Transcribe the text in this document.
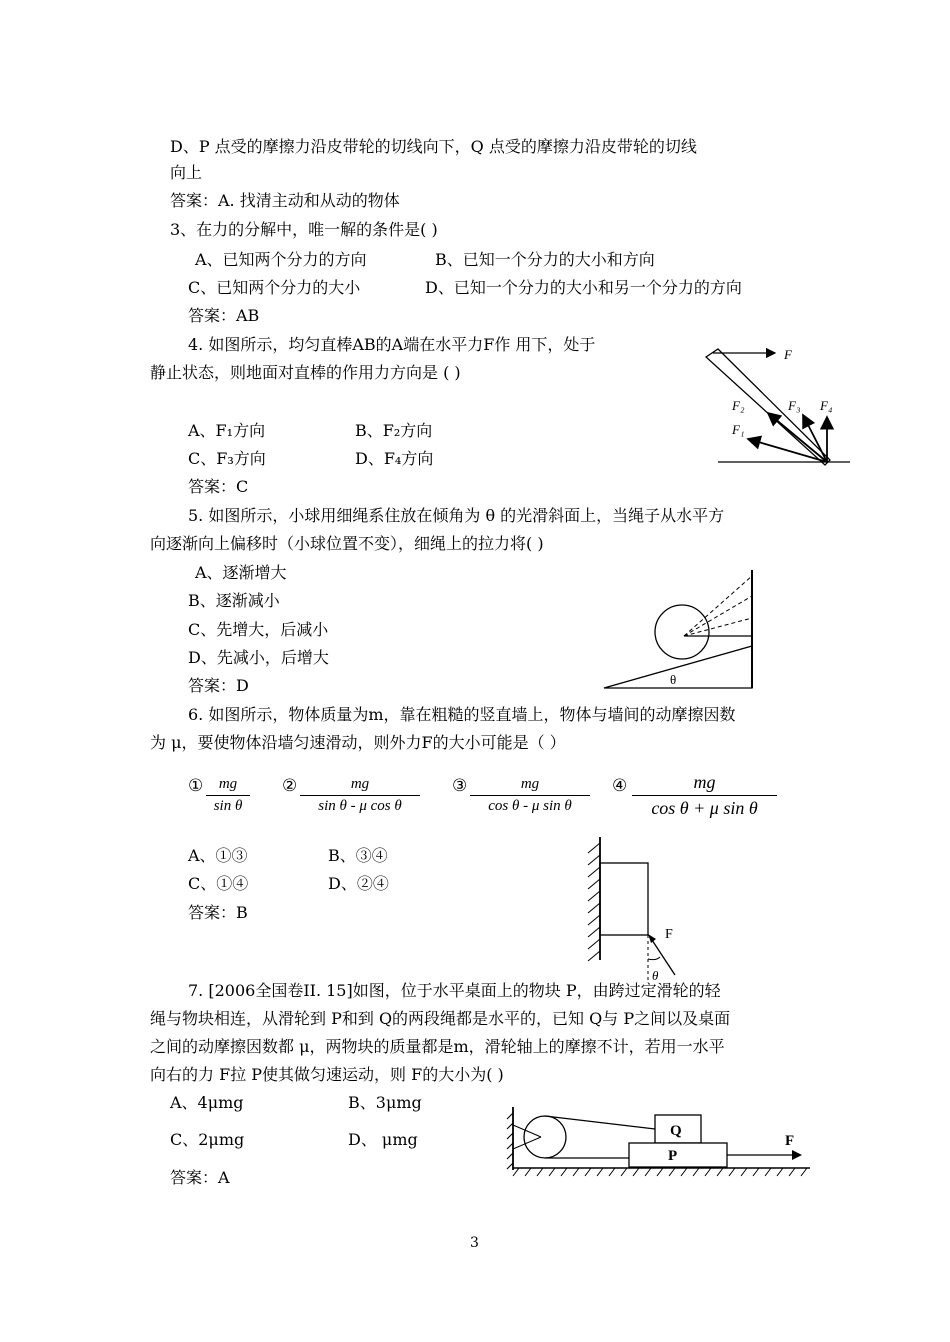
D、P 点受的摩擦力沿皮带轮的切线向下，Q 点受的摩擦力沿皮带轮的切线
向上
答案：A. 找清主动和从动的物体
3、在力的分解中，唯一解的条件是( )
A、已知两个分力的方向	B、已知一个分力的大小和方向
C、已知两个分力的大小	D、已知一个分力的大小和另一个分力的方向
答案：AB
4. 如图所示，均匀直棒AB的A端在水平力F作 用下，处于
静止状态，则地面对直棒的作用力方向是 ( )
A、F₁方向	B、F₂方向
C、F₃方向	D、F₄方向
答案：C
F
F₁
F₂	F₃ F₄
5. 如图所示，小球用细绳系住放在倾角为 θ 的光滑斜面上，当绳子从水平方
向逐渐向上偏移时（小球位置不变），细绳上的拉力将( )
A、逐渐增大
B、逐渐减小
C、先增大，后减小
D、先减小，后增大
答案：D	θ
6. 如图所示，物体质量为m，靠在粗糙的竖直墙上，物体与墙间的动摩擦因数
为 μ，要使物体沿墙匀速滑动，则外力F的大小可能是（ ）
①	mg
sin θ
②	mg
sin θ - μ cos θ
③	mg
cos θ - μ sin θ
④	mg
cos θ + μ sin θ
A、①③	B、③④
C、①④	D、②④
答案：B
F
θ
7. [2006全国卷II. 15]如图，位于水平桌面上的物块 P，由跨过定滑轮的轻
绳与物块相连，从滑轮到 P和到 Q的两段绳都是水平的，已知 Q与 P之间以及桌面
之间的动摩擦因数都 μ，两物块的质量都是m，滑轮轴上的摩擦不计，若用一水平
向右的力 F拉 P使其做匀速运动，则 F的大小为( )
A、4μmg	B、3μmg
C、2μmg	D、 μmg
答案：A
Q
P
F
3
